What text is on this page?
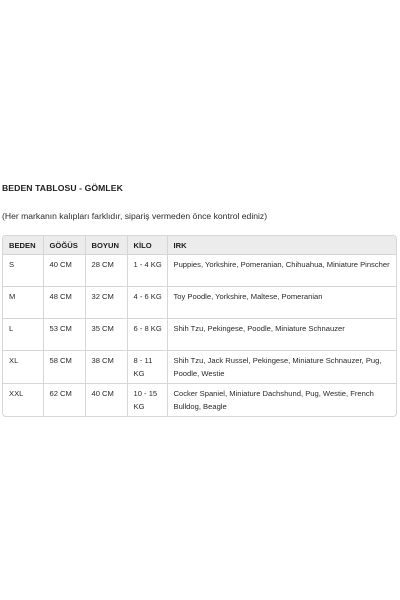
BEDEN TABLOSU - GÖMLEK
(Her markanın kalıpları farklıdır, sipariş vermeden önce kontrol ediniz)
BEDEN	GÖĞÜS	BOYUN	KİLO	IRK
S	40 CM	28 CM	1 - 4 KG	Puppies, Yorkshire, Pomeranian, Chihuahua, Miniature Pinscher
M	48 CM	32 CM	4 - 6 KG	Toy Poodle, Yorkshire, Maltese, Pomeranian
L	53 CM	35 CM	6 - 8 KG	Shih Tzu, Pekingese, Poodle, Miniature Schnauzer
XL	58 CM	38 CM	8 - 11 KG	Shih Tzu, Jack Russel, Pekingese, Miniature Schnauzer, Pug, Poodle, Westie
XXL	62 CM	40 CM	10 - 15 KG	Cocker Spaniel, Miniature Dachshund, Pug, Westie, French Bulldog, Beagle
